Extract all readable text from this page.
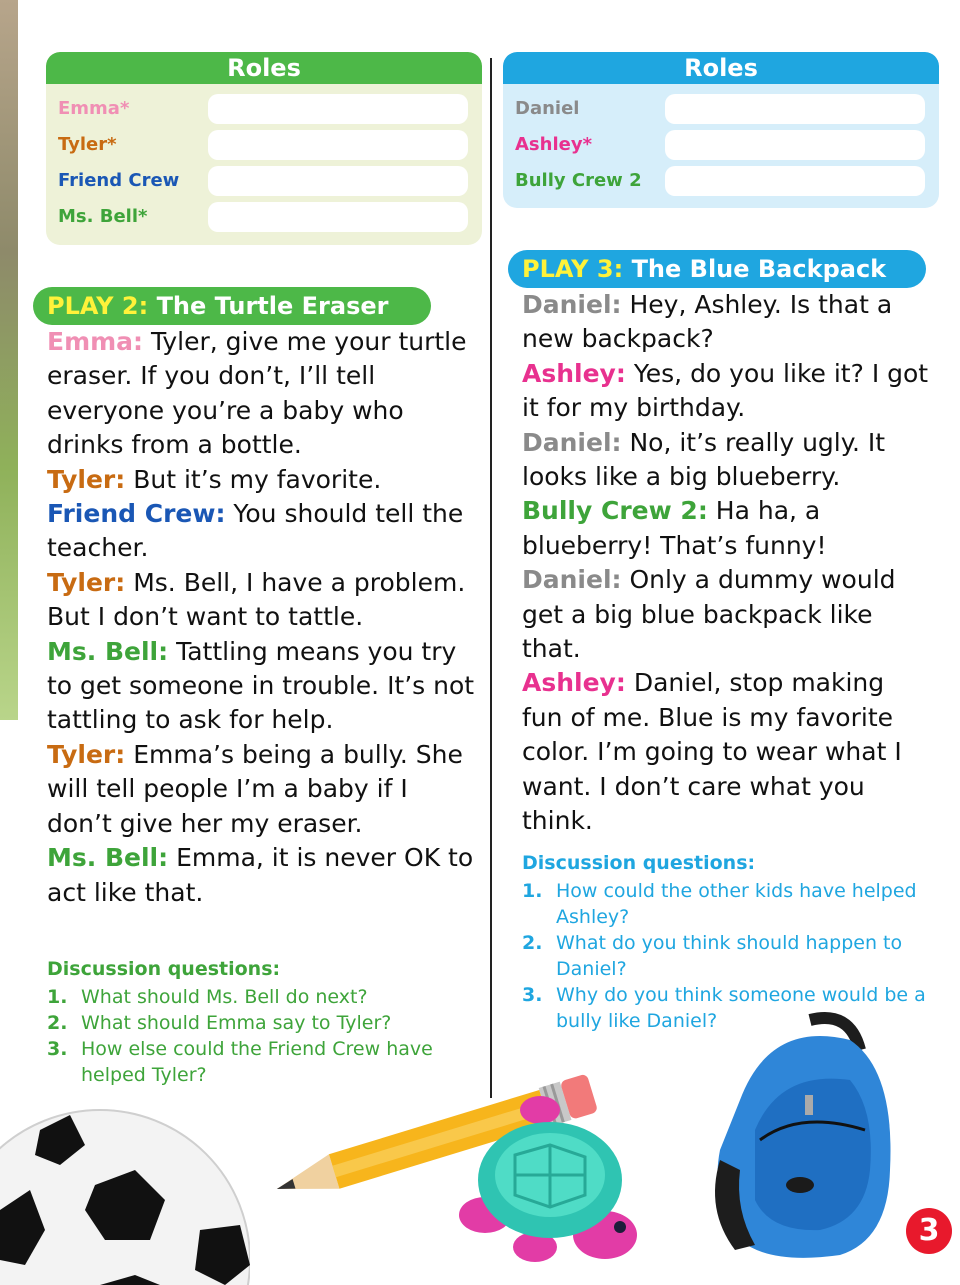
Roles
Emma*
Tyler*
Friend Crew
Ms. Bell*
Roles
Daniel
Ashley*
Bully Crew 2
PLAY 2: The Turtle Eraser
PLAY 3: The Blue Backpack
Emma: Tyler, give me your turtle eraser. If you don’t, I’ll tell everyone you’re a baby who drinks from a bottle.
Tyler: But it’s my favorite.
Friend Crew: You should tell the teacher.
Tyler: Ms. Bell, I have a problem. But I don’t want to tattle.
Ms. Bell: Tattling means you try to get someone in trouble. It’s not tattling to ask for help.
Tyler: Emma’s being a bully. She will tell people I’m a baby if I don’t give her my eraser.
Ms. Bell: Emma, it is never OK to act like that.
Daniel: Hey, Ashley. Is that a new backpack?
Ashley: Yes, do you like it? I got it for my birthday.
Daniel: No, it’s really ugly. It looks like a big blueberry.
Bully Crew 2: Ha ha, a blueberry! That’s funny!
Daniel: Only a dummy would get a big blue backpack like that.
Ashley: Daniel, stop making fun of me. Blue is my favorite color. I’m going to wear what I want. I don’t care what you think.
Discussion questions:
1. What should Ms. Bell do next?
2. What should Emma say to Tyler?
3. How else could the Friend Crew have helped Tyler?
Discussion questions:
1. How could the other kids have helped Ashley?
2. What do you think should happen to Daniel?
3. Why do you think someone would be a bully like Daniel?
3
